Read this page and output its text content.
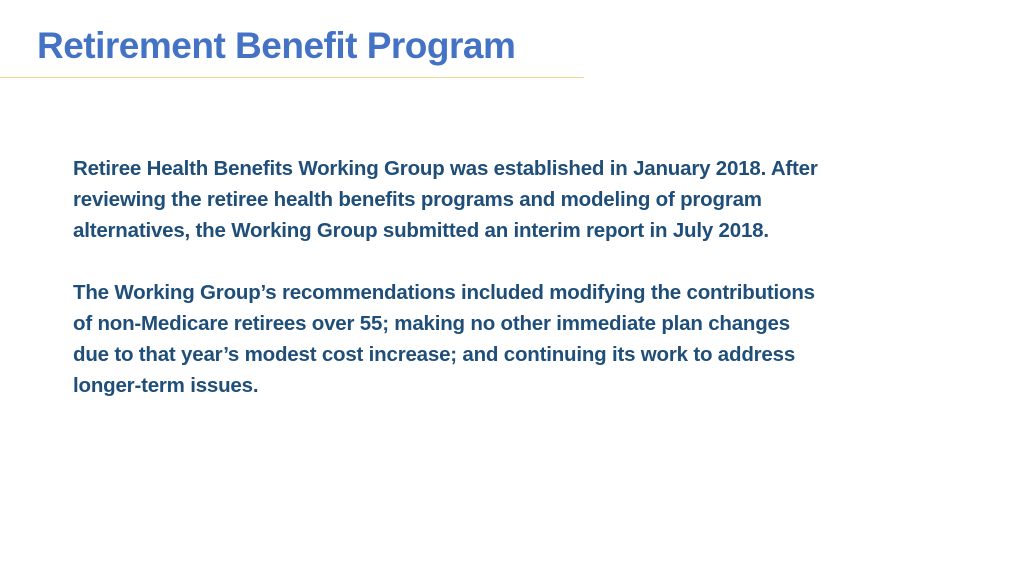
Retirement Benefit Program

Retiree Health Benefits Working Group was established in January 2018. After
reviewing the retiree health benefits programs and modeling of program
alternatives, the Working Group submitted an interim report in July 2018.

The Working Group’s recommendations included modifying the contributions
of non-Medicare retirees over 55; making no other immediate plan changes
due to that year’s modest cost increase; and continuing its work to address
longer-term issues.
